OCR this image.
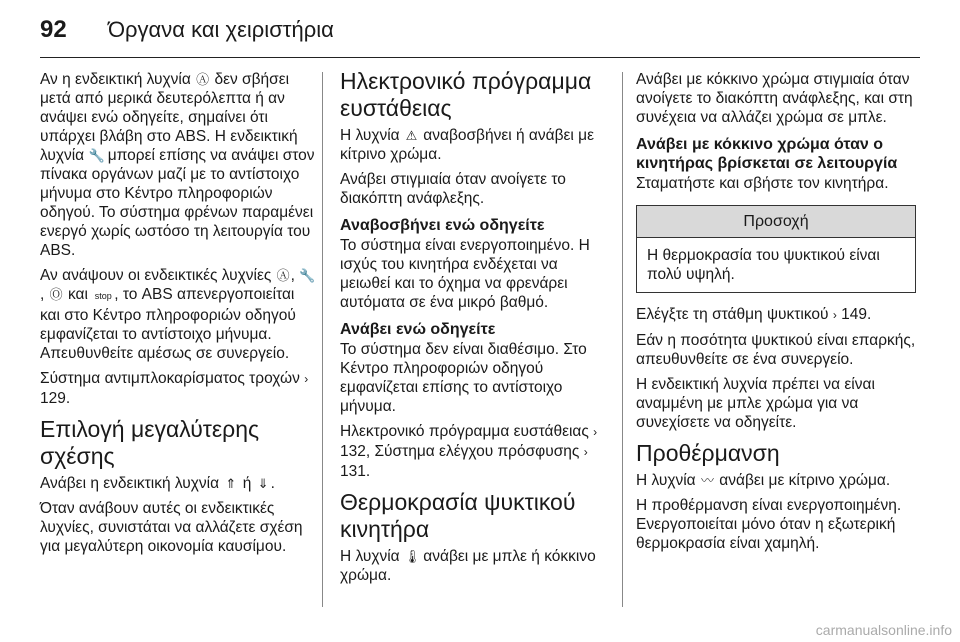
92 Όργανα και χειριστήρια

Αν η ενδεικτική λυχνία Ⓐ δεν σβήσει μετά από μερικά δευτερόλεπτα ή αν ανάψει ενώ οδηγείτε, σημαίνει ότι υπάρχει βλάβη στο ABS. Η ενδεικτική λυχνία 🔧 μπορεί επίσης να ανάψει στον πίνακα οργάνων μαζί με το αντίστοιχο μήνυμα στο Κέντρο πληροφοριών οδηγού. Το σύστημα φρένων παραμένει ενεργό χωρίς ωστόσο τη λειτουργία του ABS.

Αν ανάψουν οι ενδεικτικές λυχνίες Ⓐ, 🔧, Ⓞ και stop , το ABS απενεργοποιείται και στο Κέντρο πληροφοριών οδηγού εμφανίζεται το αντίστοιχο μήνυμα. Απευθυνθείτε αμέσως σε συνεργείο.

Σύστημα αντιμπλοκαρίσματος τροχών › 129.

Επιλογή μεγαλύτερης σχέσης

Ανάβει η ενδεικτική λυχνία ⇑ ή ⇓ .

Όταν ανάβουν αυτές οι ενδεικτικές λυχνίες, συνιστάται να αλλάζετε σχέση για μεγαλύτερη οικονομία καυσίμου.

Ηλεκτρονικό πρόγραμμα ευστάθειας

Η λυχνία ⚠ αναβοσβήνει ή ανάβει με κίτρινο χρώμα.

Ανάβει στιγμιαία όταν ανοίγετε το διακόπτη ανάφλεξης.

Αναβοσβήνει ενώ οδηγείτε

Το σύστημα είναι ενεργοποιημένο. Η ισχύς του κινητήρα ενδέχεται να μειωθεί και το όχημα να φρενάρει αυτόματα σε ένα μικρό βαθμό.

Ανάβει ενώ οδηγείτε

Το σύστημα δεν είναι διαθέσιμο. Στο Κέντρο πληροφοριών οδηγού εμφανίζεται επίσης το αντίστοιχο μήνυμα.

Ηλεκτρονικό πρόγραμμα ευστάθειας › 132, Σύστημα ελέγχου πρόσφυσης › 131.

Θερμοκρασία ψυκτικού κινητήρα

Η λυχνία 🌡 ανάβει με μπλε ή κόκκινο χρώμα.

Ανάβει με κόκκινο χρώμα στιγμιαία όταν ανοίγετε το διακόπτη ανάφλεξης, και στη συνέχεια να αλλάζει χρώμα σε μπλε.

Ανάβει με κόκκινο χρώμα όταν ο κινητήρας βρίσκεται σε λειτουργία

Σταματήστε και σβήστε τον κινητήρα.

Προσοχή
Η θερμοκρασία του ψυκτικού είναι πολύ υψηλή.

Ελέγξτε τη στάθμη ψυκτικού › 149.

Εάν η ποσότητα ψυκτικού είναι επαρκής, απευθυνθείτε σε ένα συνεργείο.

Η ενδεικτική λυχνία πρέπει να είναι αναμμένη με μπλε χρώμα για να συνεχίσετε να οδηγείτε.

Προθέρμανση

Η λυχνία 〰 ανάβει με κίτρινο χρώμα.

Η προθέρμανση είναι ενεργοποιημένη. Ενεργοποιείται μόνο όταν η εξωτερική θερμοκρασία είναι χαμηλή.

carmanualsonline.info
